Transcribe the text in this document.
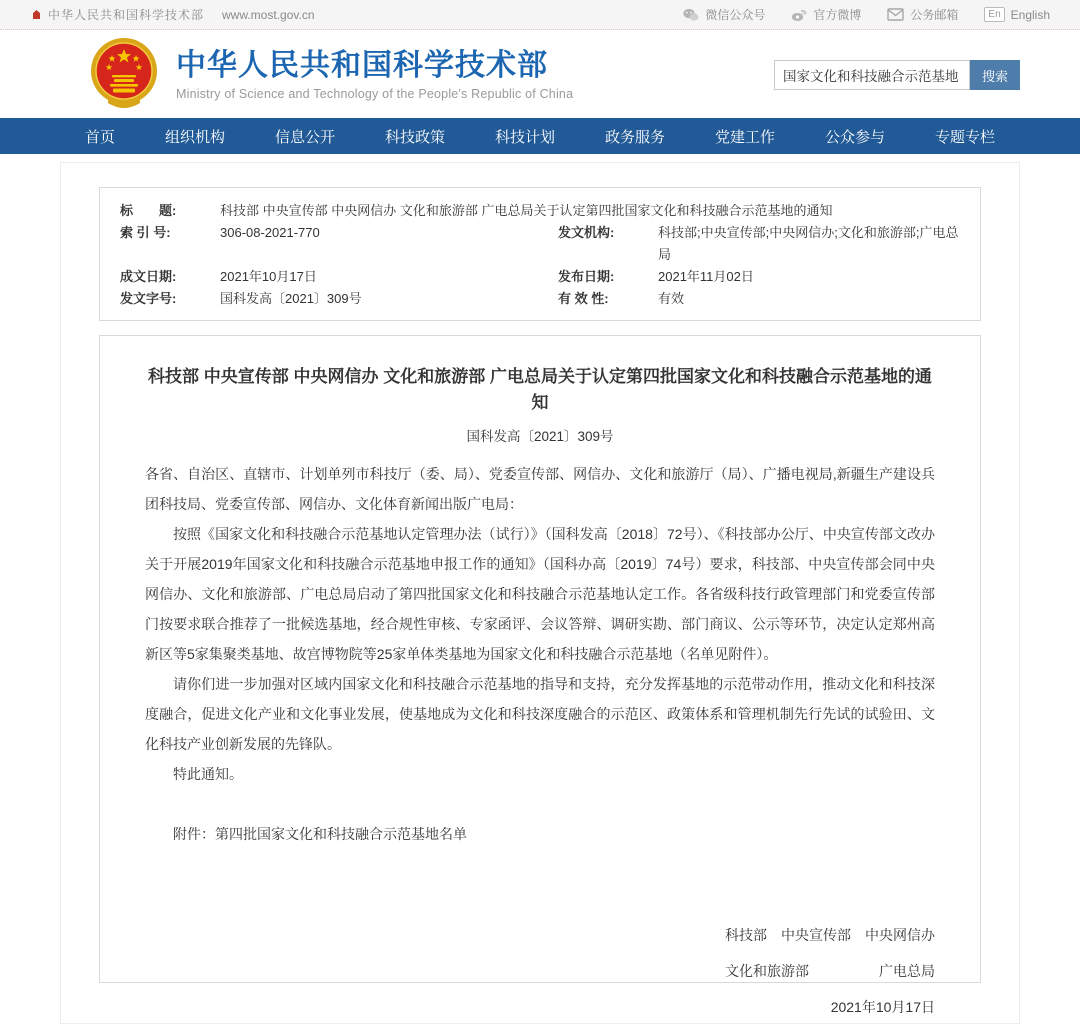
中华人民共和国科学技术部 www.most.gov.cn	微信公众号	官方微博	公务邮箱	En English
中华人民共和国科学技术部
Ministry of Science and Technology of the People's Republic of China
国家文化和科技融合示范基地
搜索
首页	组织机构	信息公开	科技政策	科技计划	政务服务	党建工作	公众参与	专题专栏
标　　题:	科技部 中央宣传部 中央网信办 文化和旅游部 广电总局关于认定第四批国家文化和科技融合示范基地的通知
索 引 号:	306-08-2021-770	发文机构:	科技部;中央宣传部;中央网信办;文化和旅游部;广电总局
成文日期:	2021年10月17日	发布日期:	2021年11月02日
发文字号:	国科发高〔2021〕309号	有 效 性:	有效
科技部 中央宣传部 中央网信办 文化和旅游部 广电总局关于认定第四批国家文化和科技融合示范基地的通知
国科发高〔2021〕309号

各省、自治区、直辖市、计划单列市科技厅（委、局）、党委宣传部、网信办、文化和旅游厅（局）、广播电视局,新疆生产建设兵团科技局、党委宣传部、网信办、文化体育新闻出版广电局：

按照《国家文化和科技融合示范基地认定管理办法（试行）》（国科发高〔2018〕72号）、《科技部办公厅、中央宣传部文改办关于开展2019年国家文化和科技融合示范基地申报工作的通知》（国科办高〔2019〕74号）要求，科技部、中央宣传部会同中央网信办、文化和旅游部、广电总局启动了第四批国家文化和科技融合示范基地认定工作。各省级科技行政管理部门和党委宣传部门按要求联合推荐了一批候选基地，经合规性审核、专家函评、会议答辩、调研实勘、部门商议、公示等环节，决定认定郑州高新区等5家集聚类基地、故宫博物院等25家单体类基地为国家文化和科技融合示范基地（名单见附件）。

请你们进一步加强对区域内国家文化和科技融合示范基地的指导和支持，充分发挥基地的示范带动作用，推动文化和科技深度融合，促进文化产业和文化事业发展，使基地成为文化和科技深度融合的示范区、政策体系和管理机制先行先试的试验田、文化科技产业创新发展的先锋队。

特此通知。

附件：第四批国家文化和科技融合示范基地名单
科技部　中央宣传部　中央网信办
文化和旅游部　　　　　广电总局
2021年10月17日
